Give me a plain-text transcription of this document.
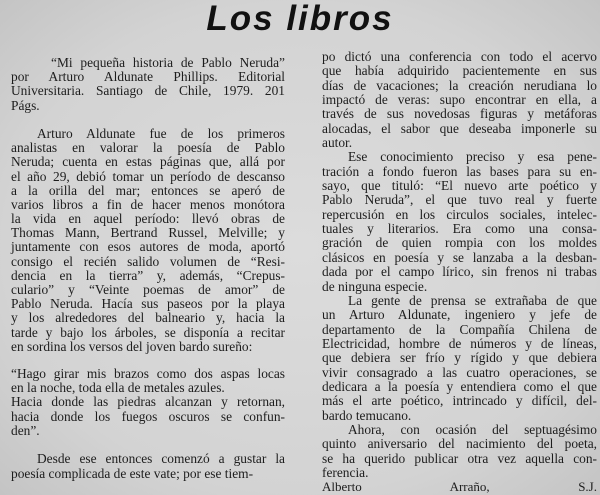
Los libros
“Mi pequeña historia de Pablo Neruda”
por Arturo Aldunate Phillips. Editorial
Universitaria. Santiago de Chile, 1979. 201
Págs.
Arturo Aldunate fue de los primeros
analistas en valorar la poesía de Pablo
Neruda; cuenta en estas páginas que, allá por
el año 29, debió tomar un período de descanso
a la orilla del mar; entonces se aperó de
varios libros a fin de hacer menos monótora
la vida en aquel período: llevó obras de
Thomas Mann, Bertrand Russel, Melville; y
juntamente con esos autores de moda, aportó
consigo el recién salido volumen de “Resi-
dencia en la tierra” y, además, “Crepus-
culario” y “Veinte poemas de amor” de
Pablo Neruda. Hacía sus paseos por la playa
y los alrededores del balneario y, hacia la
tarde y bajo los árboles, se disponía a recitar
en sordina los versos del joven bardo sureño:
“Hago girar mis brazos como dos aspas locas
en la noche, toda ella de metales azules.
Hacia donde las piedras alcanzan y retornan,
hacia donde los fuegos oscuros se confun-
den”.
Desde ese entonces comenzó a gustar la
poesía complicada de este vate; por ese tiem-
po dictó una conferencia con todo el acervo
que había adquirido pacientemente en sus
días de vacaciones; la creación nerudiana lo
impactó de veras: supo encontrar en ella, a
través de sus novedosas figuras y metáforas
alocadas, el sabor que deseaba imponerle su
autor.
Ese conocimiento preciso y esa pene-
tración a fondo fueron las bases para su en-
sayo, que tituló: “El nuevo arte poético y
Pablo Neruda”, el que tuvo real y fuerte
repercusión en los circulos sociales, intelec-
tuales y literarios. Era como una consa-
gración de quien rompia con los moldes
clásicos en poesía y se lanzaba a la desban-
dada por el campo lírico, sin frenos ni trabas
de ninguna especie.
La gente de prensa se extrañaba de que
un Arturo Aldunate, ingeniero y jefe de
departamento de la Compañía Chilena de
Electricidad, hombre de números y de líneas,
que debiera ser frío y rígido y que debiera
vivir consagrado a las cuatro operaciones, se
dedicara a la poesía y entendiera como el que
más el arte poético, intrincado y difícil, del-
bardo temucano.
Ahora, con ocasión del septuagésimo
quinto aniversario del nacimiento del poeta,
se ha querido publicar otra vez aquella con-
ferencia.
Alberto Arraño, S.J.
